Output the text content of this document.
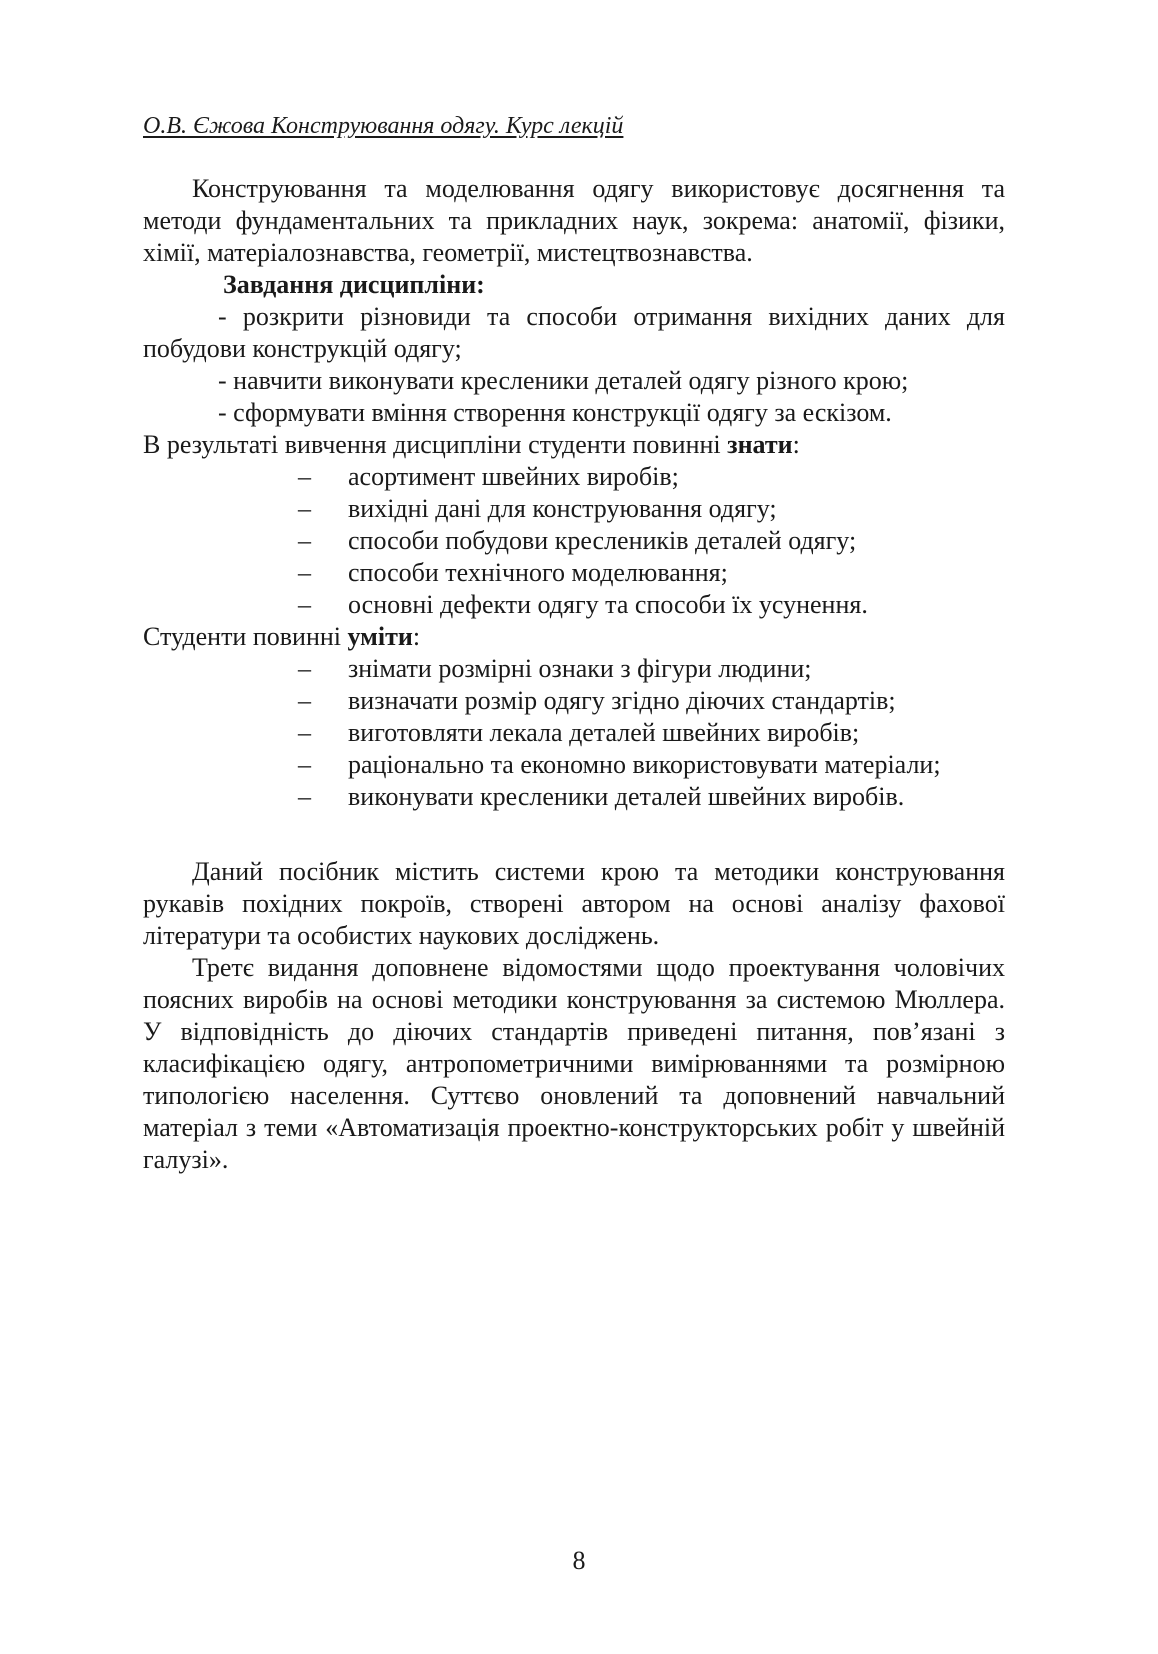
О.В. Єжова Конструювання одягу. Курс лекцій

Конструювання та моделювання одягу використовує досягнення та методи фундаментальних та прикладних наук, зокрема: анатомії, фізики, хімії, матеріалознавства, геометрії, мистецтвознавства.

Завдання дисципліни:

- розкрити різновиди та способи отримання вихідних даних для побудови конструкцій одягу;

- навчити виконувати кресленики деталей одягу різного крою;

- сформувати вміння створення конструкції одягу за ескізом.

В результаті вивчення дисципліни студенти повинні знати:

– асортимент швейних виробів;
– вихідні дані для конструювання одягу;
– способи побудови креслеників деталей одягу;
– способи технічного моделювання;
– основні дефекти одягу та способи їх усунення.

Студенти повинні уміти:

– знімати розмірні ознаки з фігури людини;
– визначати розмір одягу згідно діючих стандартів;
– виготовляти лекала деталей швейних виробів;
– раціонально та економно використовувати матеріали;
– виконувати кресленики деталей швейних виробів.

Даний посібник містить системи крою та методики конструювання рукавів похідних покроїв, створені автором на основі аналізу фахової літератури та особистих наукових досліджень.

Третє видання доповнене відомостями щодо проектування чоловічих поясних виробів на основі методики конструювання за системою Мюллера. У відповідність до діючих стандартів приведені питання, пов’язані з класифікацією одягу, антропометричними вимірюваннями та розмірною типологією населення. Суттєво оновлений та доповнений навчальний матеріал з теми «Автоматизація проектно-конструкторських робіт у швейній галузі».

8
